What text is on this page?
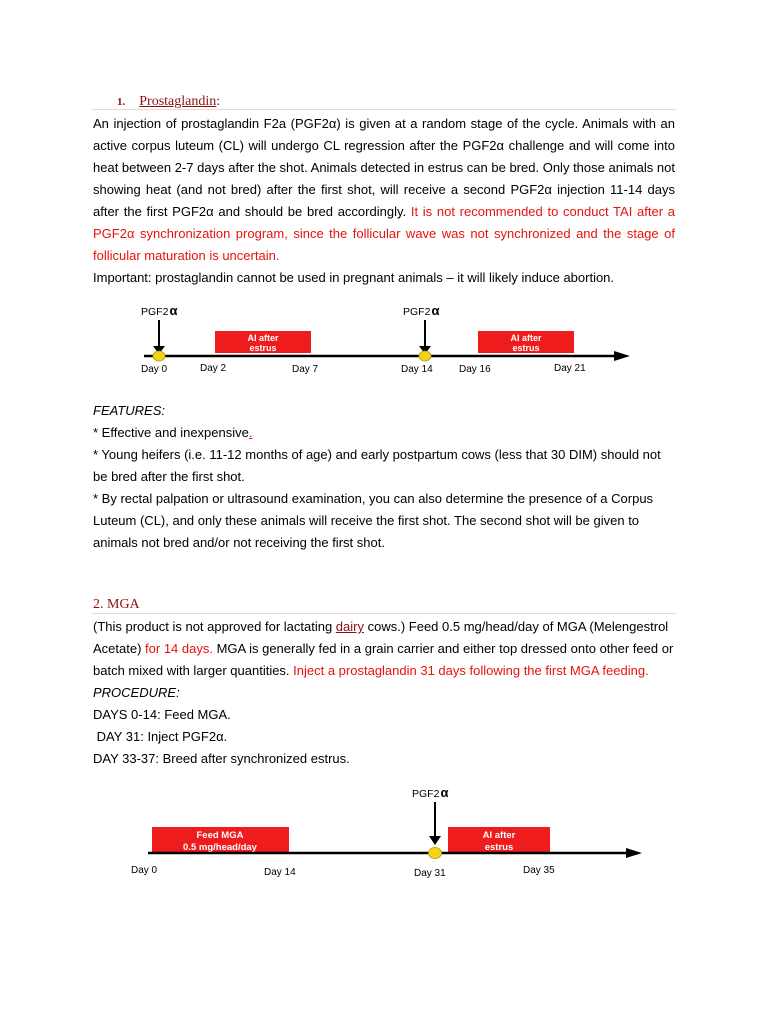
1. Prostaglandin:

An injection of prostaglandin F2a (PGF2α) is given at a random stage of the cycle. Animals with an active corpus luteum (CL) will undergo CL regression after the PGF2α challenge and will come into heat between 2-7 days after the shot. Animals detected in estrus can be bred. Only those animals not showing heat (and not bred) after the first shot, will receive a second PGF2α injection 11-14 days after the first PGF2α and should be bred accordingly. It is not recommended to conduct TAI after a PGF2α synchronization program, since the follicular wave was not synchronized and the stage of follicular maturation is uncertain.

Important: prostaglandin cannot be used in pregnant animals – it will likely induce abortion.

PGF2α	PGF2α
AI after
estrus
AI after
estrus
Day 0	Day 2	Day 7	Day 14	Day 16	Day 21

FEATURES:

* Effective and inexpensive.

* Young heifers (i.e. 11-12 months of age) and early postpartum cows (less that 30 DIM) should not be bred after the first shot.

* By rectal palpation or ultrasound examination, you can also determine the presence of a Corpus Luteum (CL), and only these animals will receive the first shot. The second shot will be given to animals not bred and/or not receiving the first shot.

2. MGA

(This product is not approved for lactating dairy cows.) Feed 0.5 mg/head/day of MGA (Melengestrol Acetate) for 14 days. MGA is generally fed in a grain carrier and either top dressed onto other feed or batch mixed with larger quantities. Inject a prostaglandin 31 days following the first MGA feeding.

PROCEDURE:

DAYS 0-14: Feed MGA.

DAY 31: Inject PGF2α.

DAY 33-37: Breed after synchronized estrus.

PGF2α
Feed MGA
0.5 mg/head/day
AI after
estrus
Day 0	Day 14	Day 31	Day 35
